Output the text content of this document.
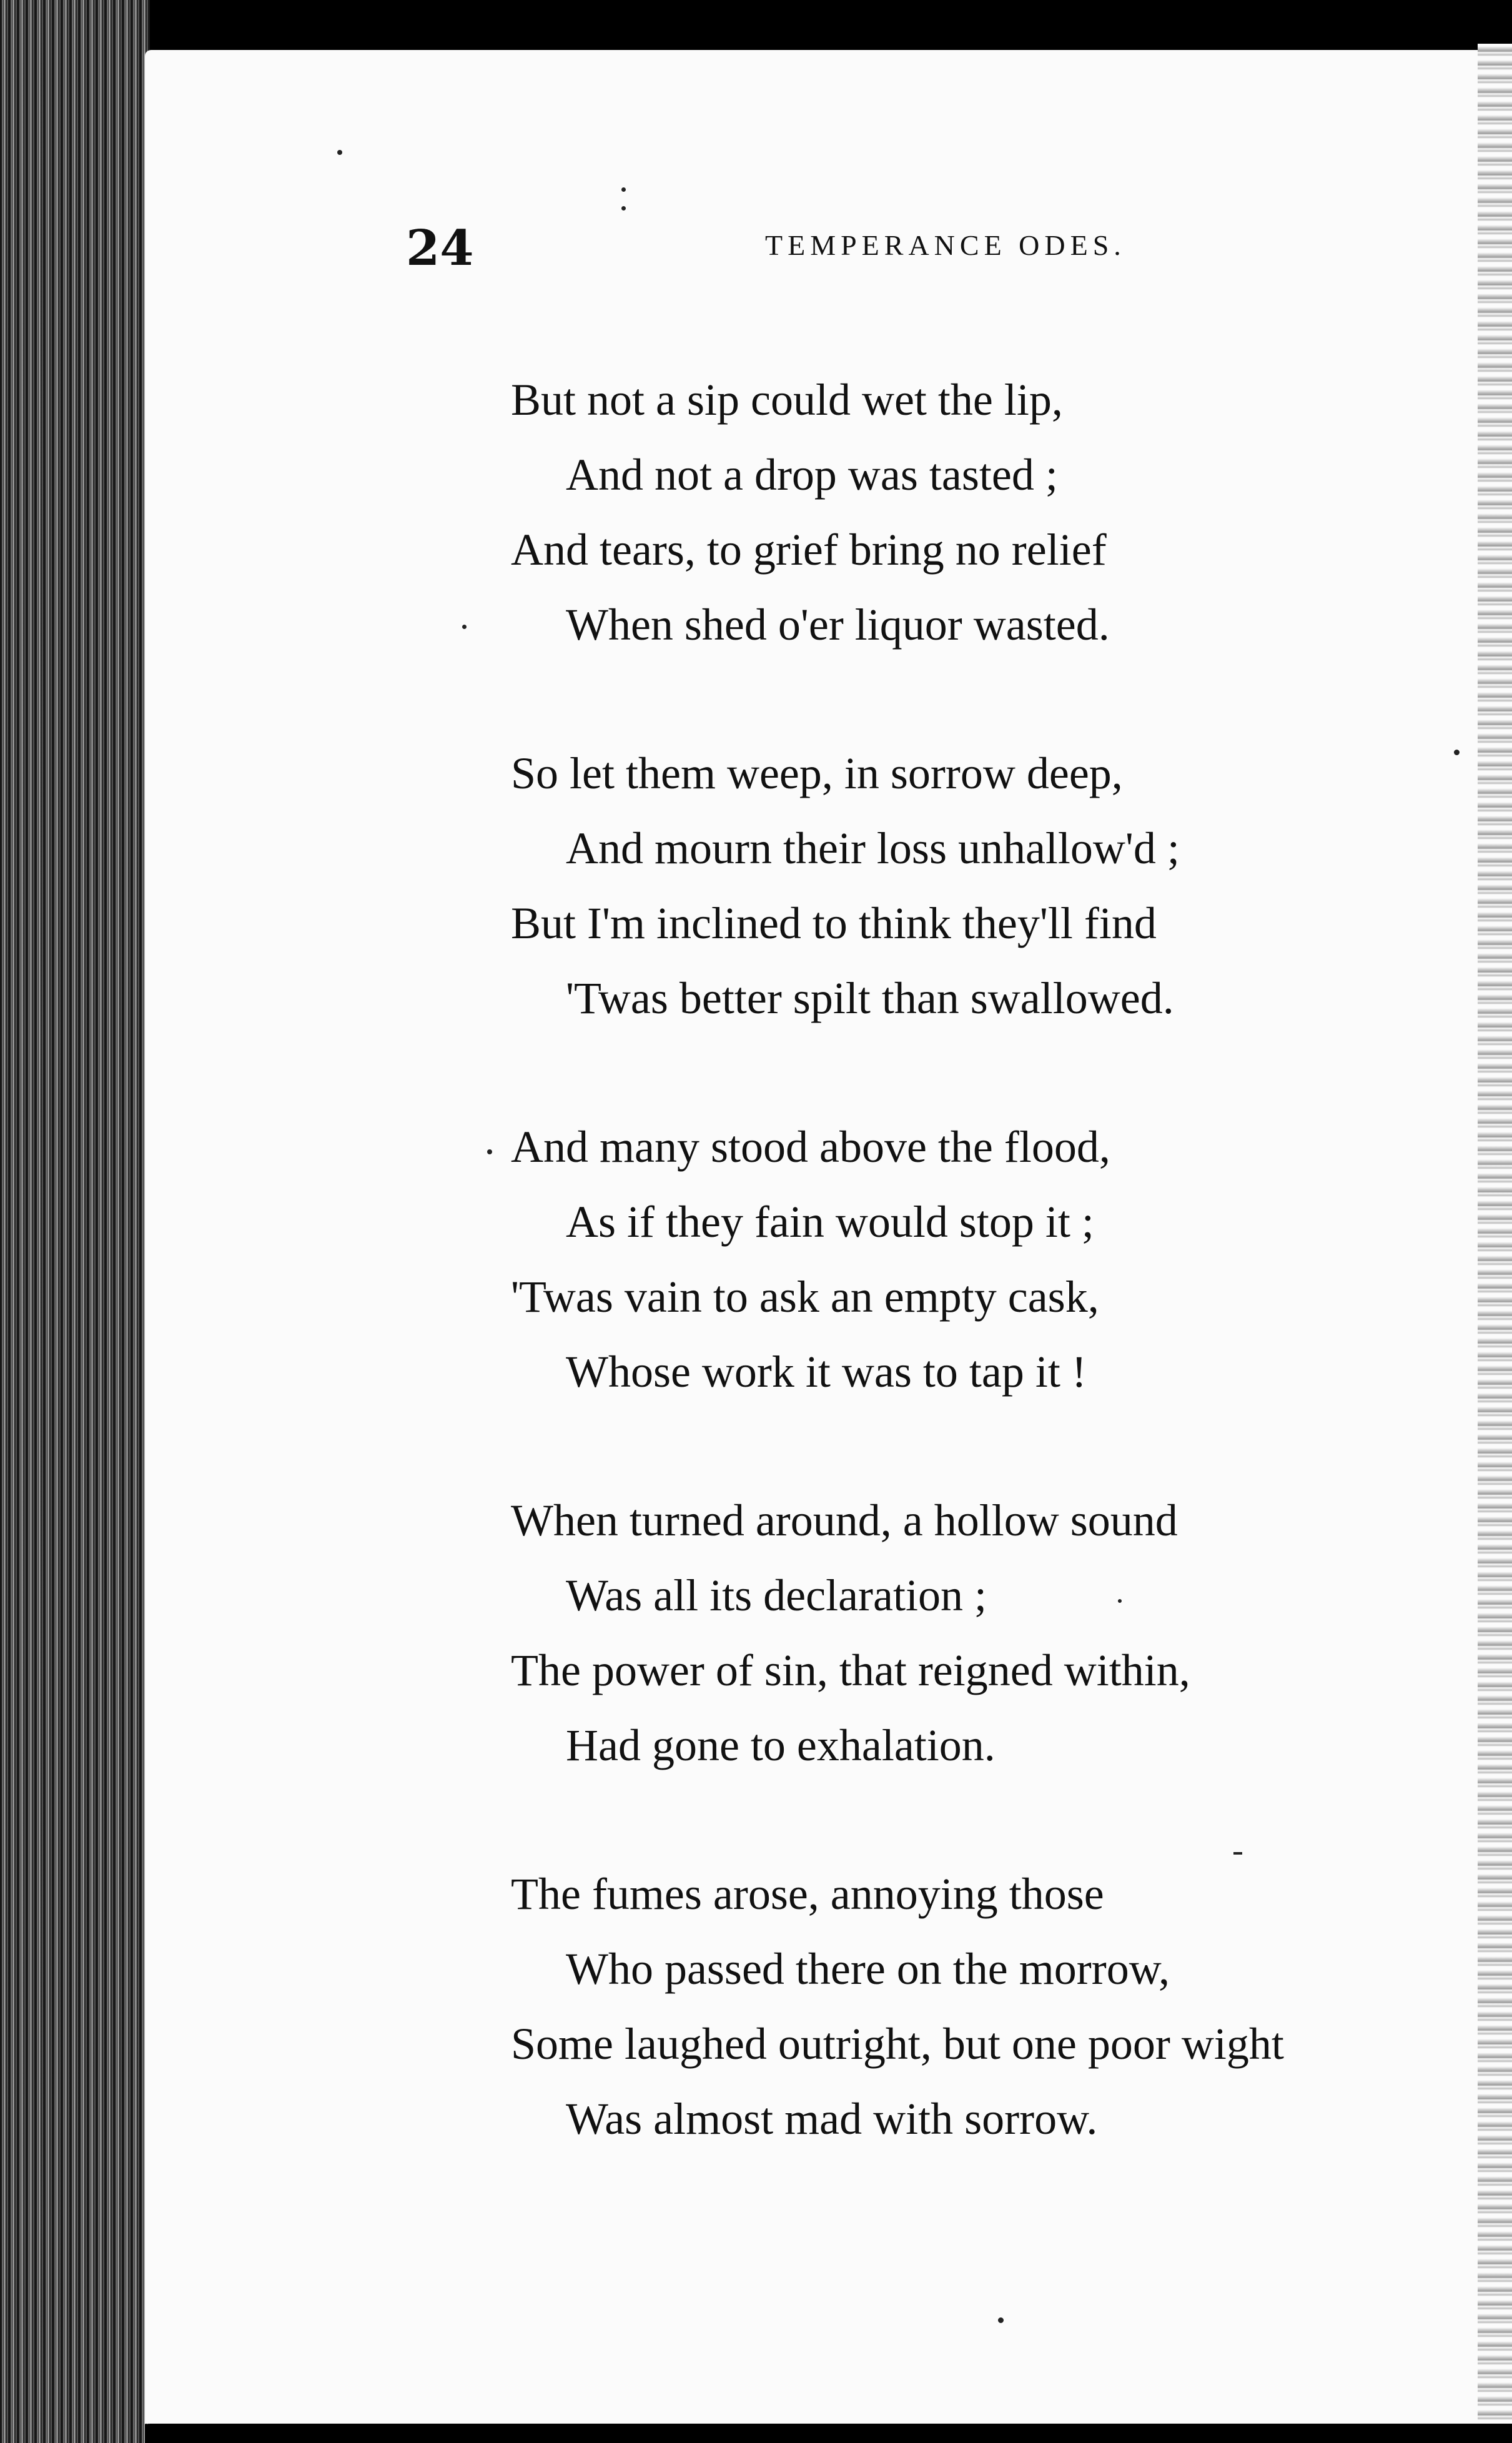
24	TEMPERANCE ODES.
But not a sip could wet the lip,
And not a drop was tasted ;
And tears, to grief bring no relief
When shed o'er liquor wasted.
So let them weep, in sorrow deep,
And mourn their loss unhallow'd ;
But I'm inclined to think they'll find
'Twas better spilt than swallowed.
And many stood above the flood,
As if they fain would stop it ;
'Twas vain to ask an empty cask,
Whose work it was to tap it !
When turned around, a hollow sound
Was all its declaration ;
The power of sin, that reigned within,
Had gone to exhalation.
The fumes arose, annoying those
Who passed there on the morrow,
Some laughed outright, but one poor wight
Was almost mad with sorrow.
